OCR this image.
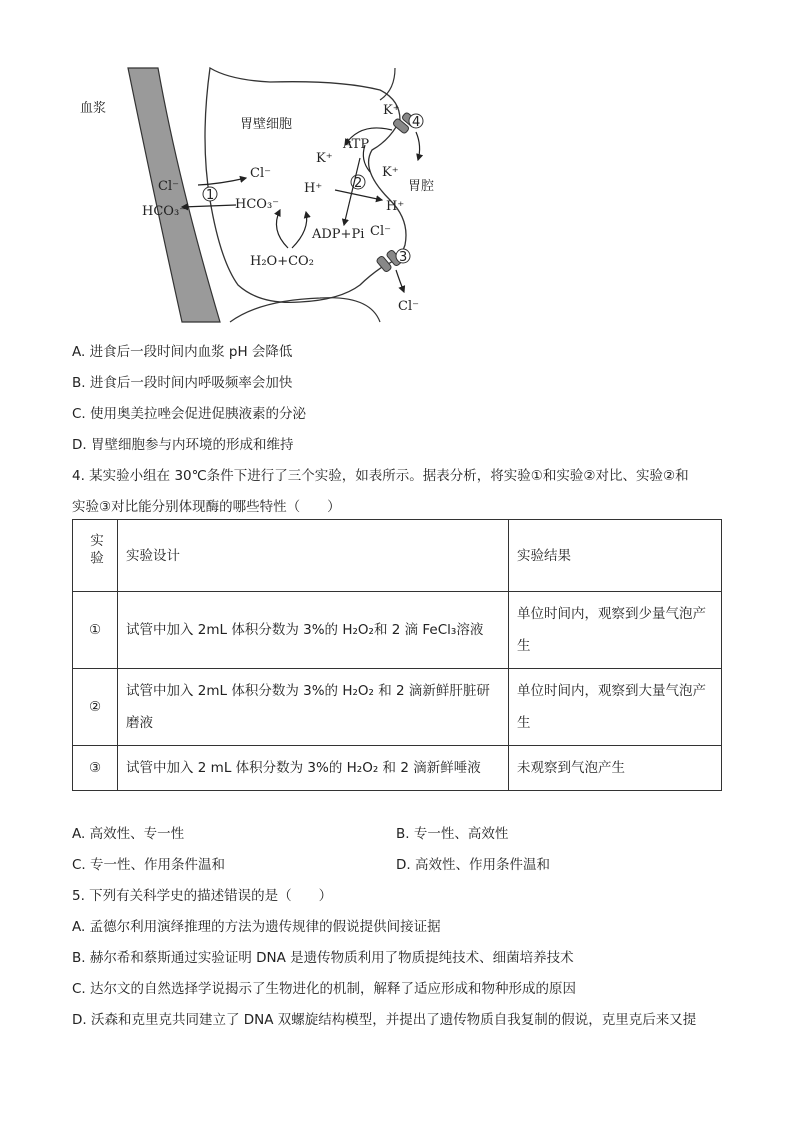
1
2
3
4
血浆
胃壁细胞
胃腔
Cl⁻
Cl⁻
HCO₃⁻	HCO₃⁻
K⁺
K⁺
K⁺
ATP
H⁺
H⁺
ADP+Pi Cl⁻
Cl⁻
H₂O+CO₂
A. 进食后一段时间内血浆 pH 会降低
B. 进食后一段时间内呼吸频率会加快
C. 使用奥美拉唑会促进促胰液素的分泌
D. 胃壁细胞参与内环境的形成和维持
4. 某实验小组在 30℃条件下进行了三个实验，如表所示。据表分析，将实验①和实验②对比、实验②和
实验③对比能分别体现酶的哪些特性（　　）
实验	实验设计	实验结果
①	试管中加入 2mL 体积分数为 3%的 H₂O₂和 2 滴 FeCl₃溶液	单位时间内，观察到少量气泡产生
②	试管中加入 2mL 体积分数为 3%的 H₂O₂ 和 2 滴新鲜肝脏研磨液	单位时间内，观察到大量气泡产生
③	试管中加入 2 mL 体积分数为 3%的 H₂O₂ 和 2 滴新鲜唾液	未观察到气泡产生
A. 高效性、专一性	B. 专一性、高效性
C. 专一性、作用条件温和	D. 高效性、作用条件温和
5. 下列有关科学史的描述错误的是（　　）
A. 孟德尔利用演绎推理的方法为遗传规律的假说提供间接证据
B. 赫尔希和蔡斯通过实验证明 DNA 是遗传物质利用了物质提纯技术、细菌培养技术
C. 达尔文的自然选择学说揭示了生物进化的机制，解释了适应形成和物种形成的原因
D. 沃森和克里克共同建立了 DNA 双螺旋结构模型，并提出了遗传物质自我复制的假说，克里克后来又提
